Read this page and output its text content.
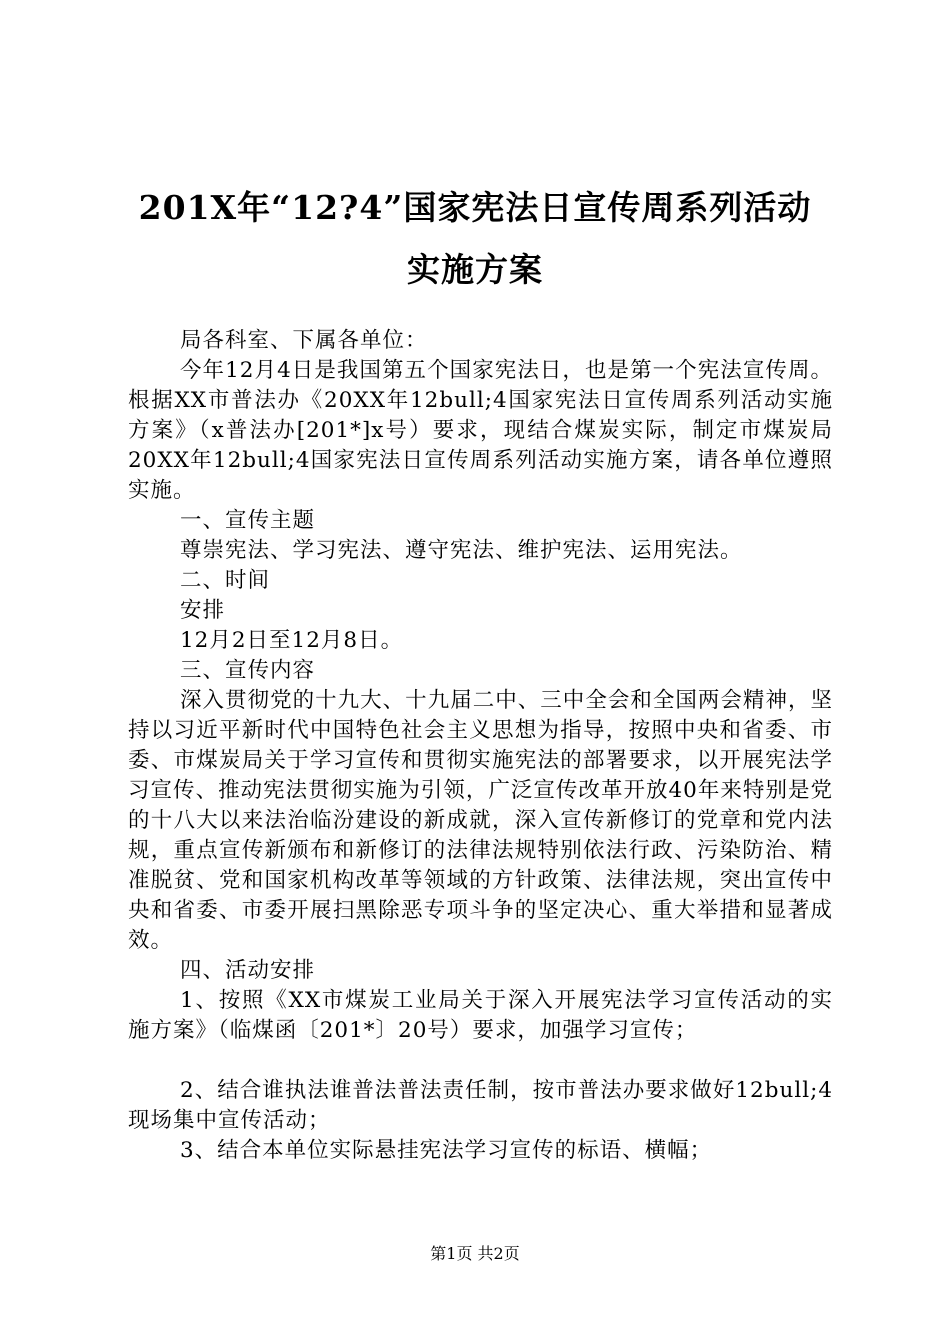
201X年“12?4”国家宪法日宣传周系列活动
实施方案

局各科室、下属各单位：

今年12月4日是我国第五个国家宪法日，也是第一个宪法宣传周。根据XX市普法办《20XX年12bull;4国家宪法日宣传周系列活动实施方案》（x普法办[201*]x号）要求，现结合煤炭实际，制定市煤炭局20XX年12bull;4国家宪法日宣传周系列活动实施方案，请各单位遵照实施。

一、宣传主题

尊崇宪法、学习宪法、遵守宪法、维护宪法、运用宪法。

二、时间

安排

12月2日至12月8日。

三、宣传内容

深入贯彻党的十九大、十九届二中、三中全会和全国两会精神，坚持以习近平新时代中国特色社会主义思想为指导，按照中央和省委、市委、市煤炭局关于学习宣传和贯彻实施宪法的部署要求，以开展宪法学习宣传、推动宪法贯彻实施为引领，广泛宣传改革开放40年来特别是党的十八大以来法治临汾建设的新成就，深入宣传新修订的党章和党内法规，重点宣传新颁布和新修订的法律法规特别依法行政、污染防治、精准脱贫、党和国家机构改革等领域的方针政策、法律法规，突出宣传中央和省委、市委开展扫黑除恶专项斗争的坚定决心、重大举措和显著成效。

四、活动安排

1、按照《XX市煤炭工业局关于深入开展宪法学习宣传活动的实施方案》（临煤函〔201*〕20号）要求，加强学习宣传；

2、结合谁执法谁普法普法责任制，按市普法办要求做好12bull;4现场集中宣传活动；

3、结合本单位实际悬挂宪法学习宣传的标语、横幅；

第1页 共2页
